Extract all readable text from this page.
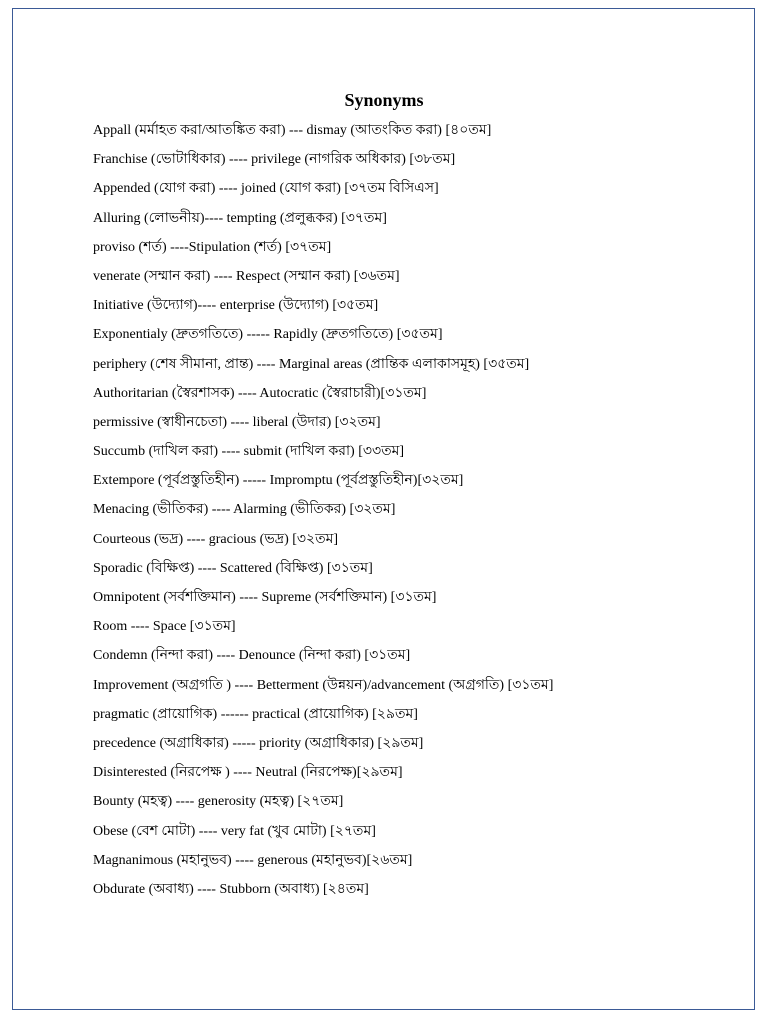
Synonyms
Appall (মর্মাহত করা/আতঙ্কিত করা) --- dismay (আতংকিত করা) [৪০তম]
Franchise (ভোটাধিকার) ---- privilege (নাগরিক অধিকার) [৩৮তম]
Appended (যোগ করা) ---- joined (যোগ করা) [৩৭তম বিসিএস]
Alluring (লোভনীয়)---- tempting (প্রলুব্ধকর) [৩৭তম]
proviso (শর্ত) ----Stipulation (শর্ত) [৩৭তম]
venerate (সম্মান করা) ---- Respect (সম্মান করা) [৩৬তম]
Initiative (উদ্যোগ)---- enterprise (উদ্যোগ) [৩৫তম]
Exponentialy (দ্রুতগতিতে) ----- Rapidly (দ্রুতগতিতে) [৩৫তম]
periphery (শেষ সীমানা, প্রান্ত) ---- Marginal areas (প্রান্তিক এলাকাসমূহ) [৩৫তম]
Authoritarian (স্বৈরশাসক) ---- Autocratic (স্বৈরাচারী)[৩১তম]
permissive (স্বাধীনচেতা) ---- liberal (উদার) [৩২তম]
Succumb (দাখিল করা) ---- submit (দাখিল করা) [৩৩তম]
Extempore (পূর্বপ্রস্তুতিহীন) ----- Impromptu (পূর্বপ্রস্তুতিহীন)[৩২তম]
Menacing (ভীতিকর) ---- Alarming (ভীতিকর) [৩২তম]
Courteous (ভদ্র) ---- gracious (ভদ্র) [৩২তম]
Sporadic (বিক্ষিপ্ত) ---- Scattered (বিক্ষিপ্ত) [৩১তম]
Omnipotent (সর্বশক্তিমান) ---- Supreme (সর্বশক্তিমান) [৩১তম]
Room ---- Space [৩১তম]
Condemn (নিন্দা করা) ---- Denounce (নিন্দা করা) [৩১তম]
Improvement (অগ্রগতি ) ---- Betterment (উন্নয়ন)/advancement (অগ্রগতি) [৩১তম]
pragmatic (প্রায়োগিক) ------ practical (প্রায়োগিক) [২৯তম]
precedence (অগ্রাধিকার) ----- priority (অগ্রাধিকার) [২৯তম]
Disinterested (নিরপেক্ষ ) ---- Neutral (নিরপেক্ষ)[২৯তম]
Bounty (মহত্ব) ---- generosity (মহত্ব) [২৭তম]
Obese (বেশ মোটা) ---- very fat (খুব মোটা) [২৭তম]
Magnanimous (মহানুভব) ---- generous (মহানুভব)[২৬তম]
Obdurate (অবাধ্য) ---- Stubborn (অবাধ্য) [২৪তম]
